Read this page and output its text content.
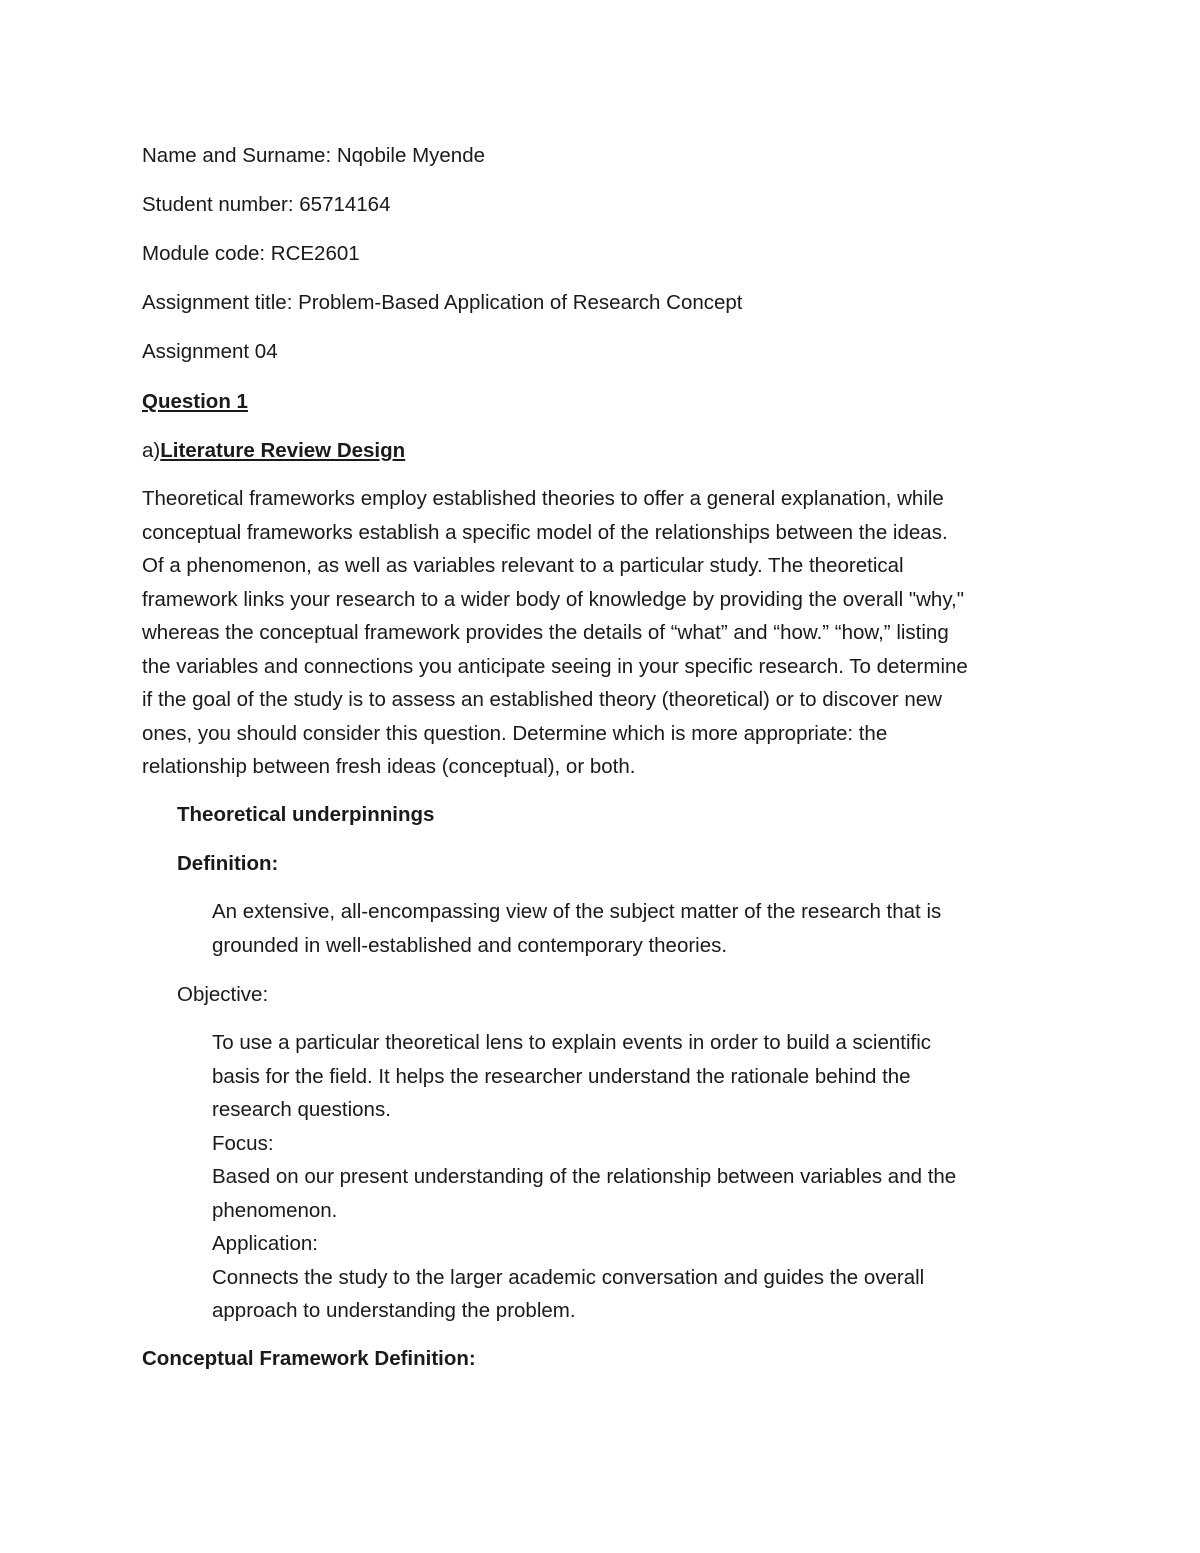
Name and Surname: Nqobile Myende

Student number: 65714164

Module code: RCE2601

Assignment title: Problem-Based Application of Research Concept

Assignment 04

Question 1

a)Literature Review Design

Theoretical frameworks employ established theories to offer a general explanation, while
conceptual frameworks establish a specific model of the relationships between the ideas.
Of a phenomenon, as well as variables relevant to a particular study. The theoretical
framework links your research to a wider body of knowledge by providing the overall "why,"
whereas the conceptual framework provides the details of “what” and “how.” “how,” listing
the variables and connections you anticipate seeing in your specific research. To determine
if the goal of the study is to assess an established theory (theoretical) or to discover new
ones, you should consider this question. Determine which is more appropriate: the
relationship between fresh ideas (conceptual), or both.

Theoretical underpinnings

Definition:

An extensive, all-encompassing view of the subject matter of the research that is
grounded in well-established and contemporary theories.

Objective:

To use a particular theoretical lens to explain events in order to build a scientific
basis for the field. It helps the researcher understand the rationale behind the
research questions.
Focus:
Based on our present understanding of the relationship between variables and the
phenomenon.
Application:
Connects the study to the larger academic conversation and guides the overall
approach to understanding the problem.

Conceptual Framework Definition:
